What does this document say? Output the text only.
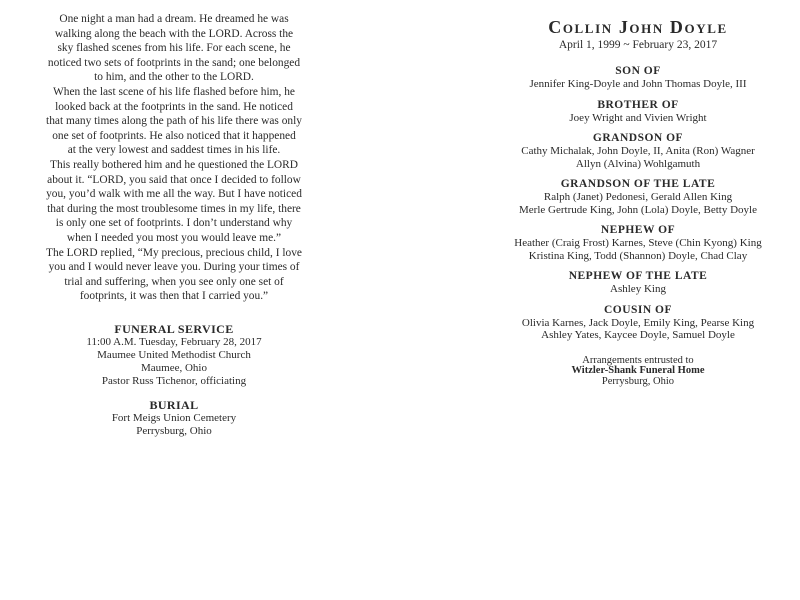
One night a man had a dream. He dreamed he was
walking along the beach with the LORD. Across the
sky flashed scenes from his life. For each scene, he
noticed two sets of footprints in the sand; one belonged
to him, and the other to the LORD.
When the last scene of his life flashed before him, he
looked back at the footprints in the sand. He noticed
that many times along the path of his life there was only
one set of footprints. He also noticed that it happened
at the very lowest and saddest times in his life.
This really bothered him and he questioned the LORD
about it. “LORD, you said that once I decided to follow
you, you’d walk with me all the way. But I have noticed
that during the most troublesome times in my life, there
is only one set of footprints. I don’t understand why
when I needed you most you would leave me.”
The LORD replied, “My precious, precious child, I love
you and I would never leave you. During your times of
trial and suffering, when you see only one set of
footprints, it was then that I carried you.”
FUNERAL SERVICE
11:00 A.M. Tuesday, February 28, 2017
Maumee United Methodist Church
Maumee, Ohio
Pastor Russ Tichenor, officiating
BURIAL
Fort Meigs Union Cemetery
Perrysburg, Ohio
Collin John Doyle
April 1, 1999 ~ February 23, 2017
SON OF
Jennifer King-Doyle and John Thomas Doyle, III
BROTHER OF
Joey Wright and Vivien Wright
GRANDSON OF
Cathy Michalak, John Doyle, II, Anita (Ron) Wagner
Allyn (Alvina) Wohlgamuth
GRANDSON OF THE LATE
Ralph (Janet) Pedonesi, Gerald Allen King
Merle Gertrude King, John (Lola) Doyle, Betty Doyle
NEPHEW OF
Heather (Craig Frost) Karnes, Steve (Chin Kyong) King
Kristina King, Todd (Shannon) Doyle, Chad Clay
NEPHEW OF THE LATE
Ashley King
COUSIN OF
Olivia Karnes, Jack Doyle, Emily King, Pearse King
Ashley Yates, Kaycee Doyle, Samuel Doyle
Arrangements entrusted to
Witzler-Shank Funeral Home
Perrysburg, Ohio
